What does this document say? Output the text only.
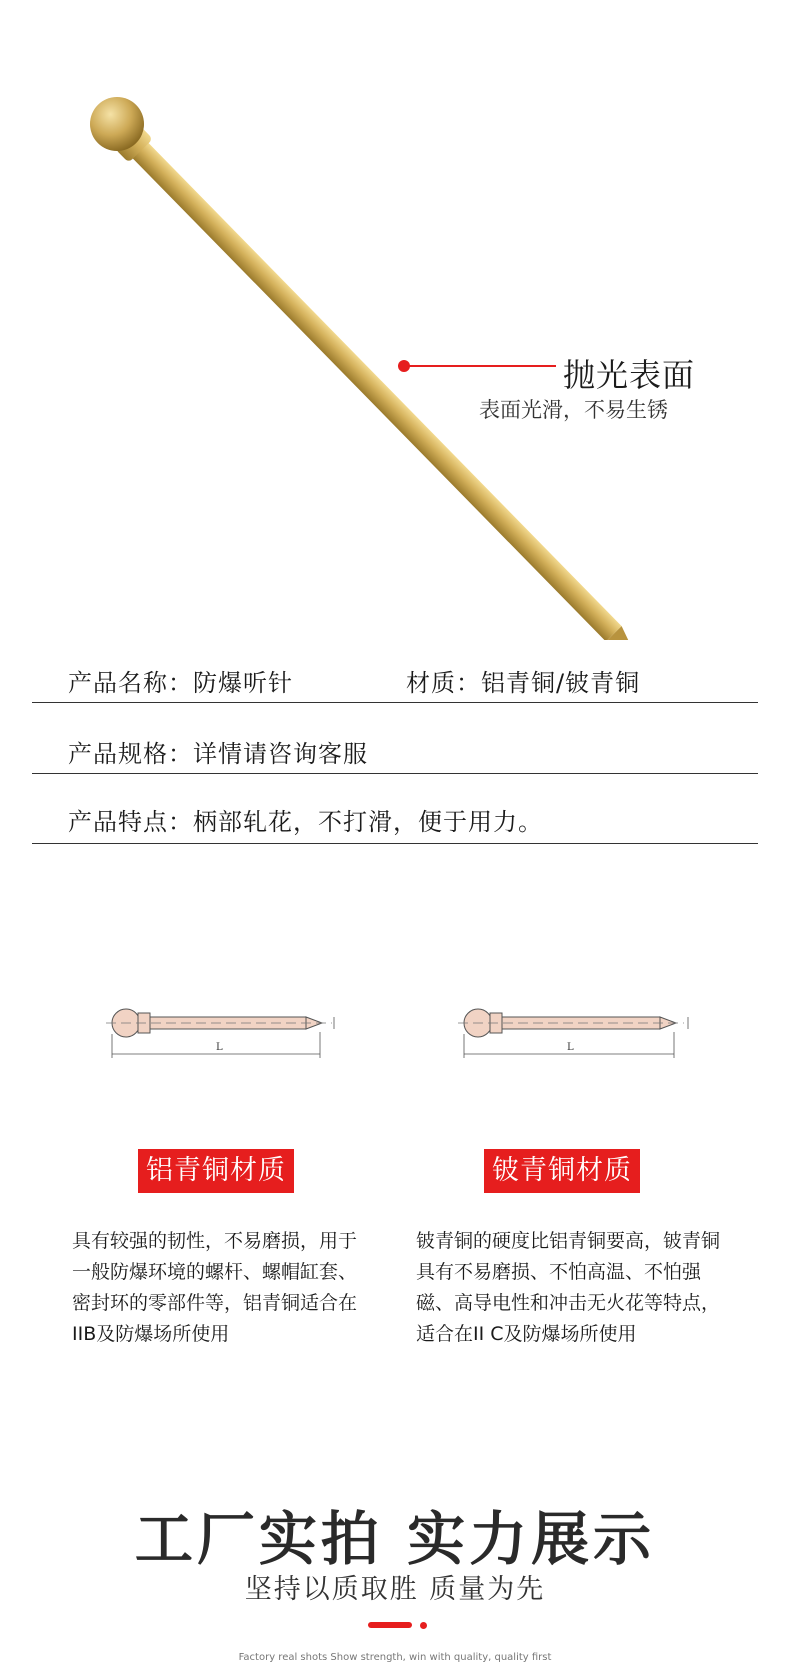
抛光表面
表面光滑，不易生锈
产品名称：防爆听针	材质：铝青铜/铍青铜
产品规格：详情请咨询客服
产品特点：柄部轧花，不打滑，便于用力。
L	L
铝青铜材质	铍青铜材质
具有较强的韧性，不易磨损，用于一般防爆环境的螺杆、螺帽缸套、密封环的零部件等，铝青铜适合在IIB及防爆场所使用
铍青铜的硬度比铝青铜要高，铍青铜具有不易磨损、不怕高温、不怕强磁、高导电性和冲击无火花等特点，适合在II C及防爆场所使用
工厂实拍 实力展示
坚持以质取胜 质量为先
Factory real shots Show strength, win with quality, quality first
